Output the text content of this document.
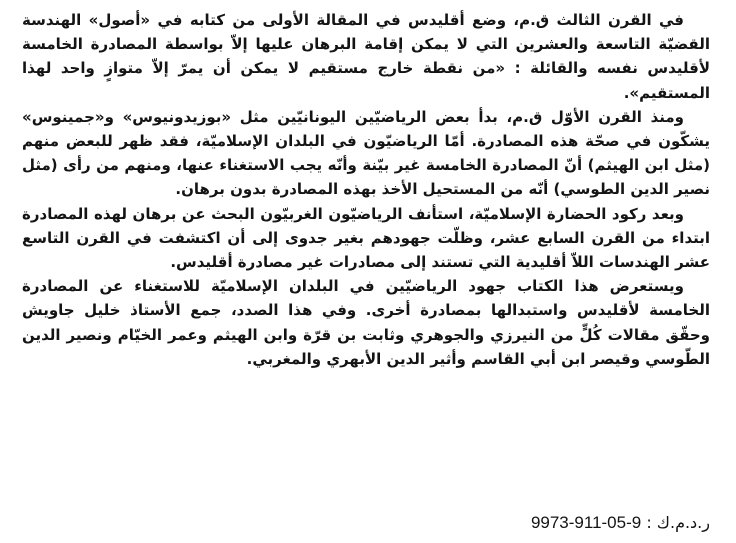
في القرن الثالث ق.م، وضع أقليدس في المقالة الأولى من كتابه في «أصول» الهندسة القضيّة التاسعة والعشرين التي لا يمكن إقامة البرهان عليها إلاّ بواسطة المصادرة الخامسة لأقليدس نفسه والقائلة : «من نقطة خارج مستقيم لا يمكن أن يمرّ إلاّ متوازٍ واحد لهذا المستقيم».

ومنذ القرن الأوّل ق.م، بدأ بعض الرياضيّين اليونانيّين مثل «بوزيدونيوس» و«جمينوس» يشكّون في صحّة هذه المصادرة. أمّا الرياضيّون في البلدان الإسلاميّة، فقد ظهر للبعض منهم (مثل ابن الهيثم) أنّ المصادرة الخامسة غير بيّنة وأنّه يجب الاستغناء عنها، ومنهم من رأى (مثل نصير الدين الطوسي) أنّه من المستحيل الأخذ بهذه المصادرة بدون برهان.

وبعد ركود الحضارة الإسلاميّة، استأنف الرياضيّون الغربيّون البحث عن برهان لهذه المصادرة ابتداء من القرن السابع عشر، وظلّت جهودهم بغير جدوى إلى أن اكتشفت في القرن التاسع عشر الهندسات اللاّ أقليدية التي تستند إلى مصادرات غير مصادرة أقليدس.

ويستعرض هذا الكتاب جهود الرياضيّين في البلدان الإسلاميّة للاستغناء عن المصادرة الخامسة لأقليدس واستبدالها بمصادرة أخرى. وفي هذا الصدد، جمع الأستاذ خليل جاويش وحقّق مقالات كُلٍّ من النيرزي والجوهري وثابت بن قرّة وابن الهيثم وعمر الخيّام ونصير الدين الطّوسي وقيصر ابن أبي القاسم وأثير الدين الأبهري والمغربي.

ر.د.م.ك : 9973-911-05-9
